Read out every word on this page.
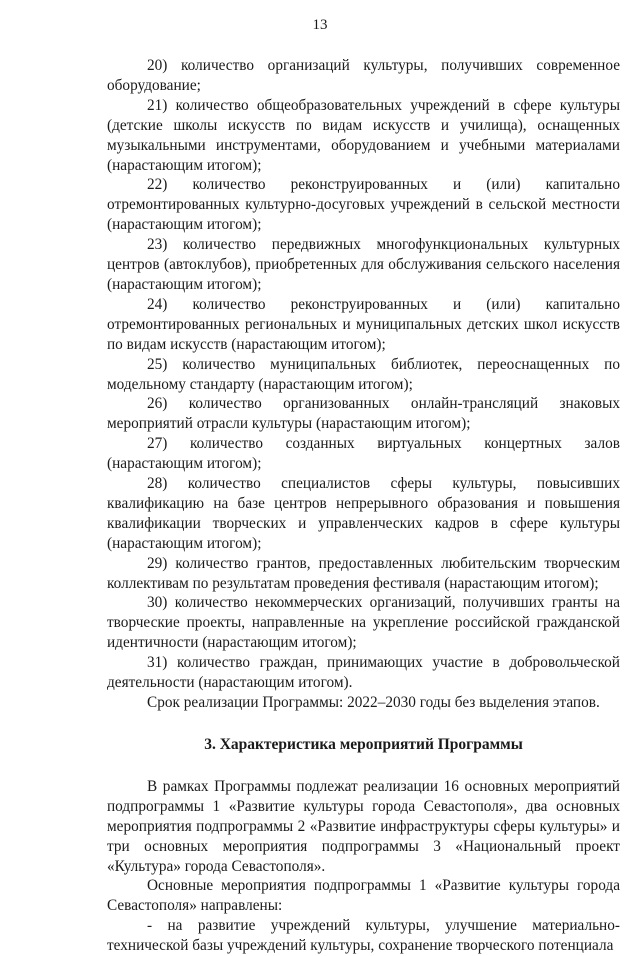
13

20) количество организаций культуры, получивших современное оборудование;

21) количество общеобразовательных учреждений в сфере культуры (детские школы искусств по видам искусств и училища), оснащенных музыкальными инструментами, оборудованием и учебными материалами (нарастающим итогом);

22) количество реконструированных и (или) капитально отремонтированных культурно-досуговых учреждений в сельской местности (нарастающим итогом);

23) количество передвижных многофункциональных культурных центров (автоклубов), приобретенных для обслуживания сельского населения (нарастающим итогом);

24) количество реконструированных и (или) капитально отремонтированных региональных и муниципальных детских школ искусств по видам искусств (нарастающим итогом);

25) количество муниципальных библиотек, переоснащенных по модельному стандарту (нарастающим итогом);

26) количество организованных онлайн-трансляций знаковых мероприятий отрасли культуры (нарастающим итогом);

27) количество созданных виртуальных концертных залов (нарастающим итогом);

28) количество специалистов сферы культуры, повысивших квалификацию на базе центров непрерывного образования и повышения квалификации творческих и управленческих кадров в сфере культуры (нарастающим итогом);

29) количество грантов, предоставленных любительским творческим коллективам по результатам проведения фестиваля (нарастающим итогом);

30) количество некоммерческих организаций, получивших гранты на творческие проекты, направленные на укрепление российской гражданской идентичности (нарастающим итогом);

31) количество граждан, принимающих участие в добровольческой деятельности (нарастающим итогом).

Срок реализации Программы: 2022–2030 годы без выделения этапов.

3. Характеристика мероприятий Программы

В рамках Программы подлежат реализации 16 основных мероприятий подпрограммы 1 «Развитие культуры города Севастополя», два основных мероприятия подпрограммы 2 «Развитие инфраструктуры сферы культуры» и три основных мероприятия подпрограммы 3 «Национальный проект «Культура» города Севастополя».

Основные мероприятия подпрограммы 1 «Развитие культуры города Севастополя» направлены:

- на развитие учреждений культуры, улучшение материально-технической базы учреждений культуры, сохранение творческого потенциала
